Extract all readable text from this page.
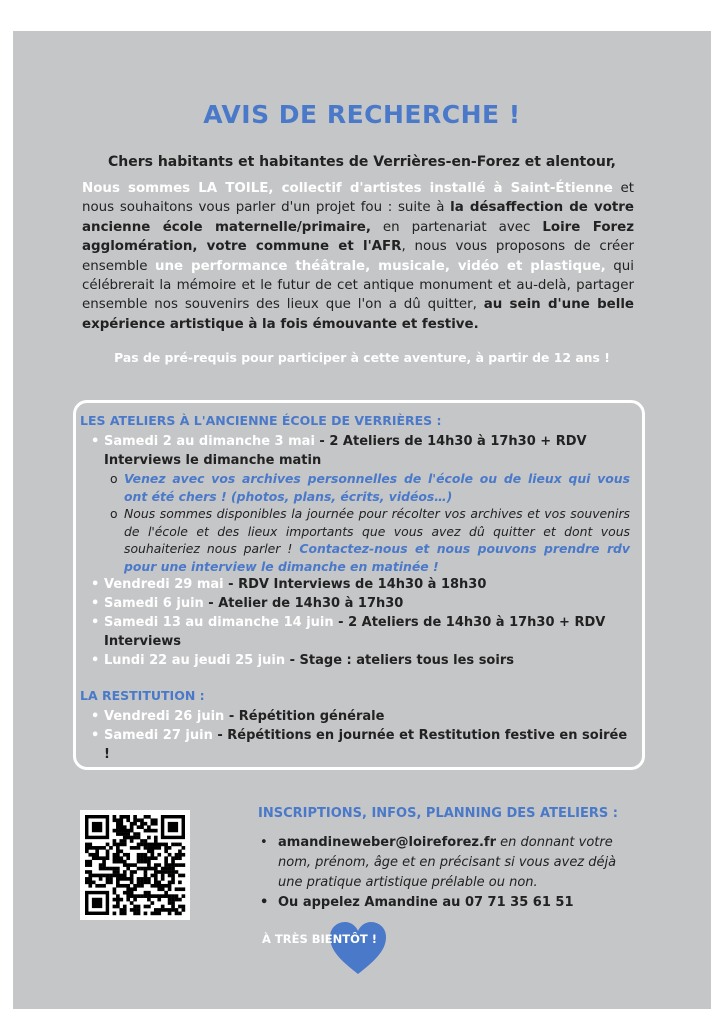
AVIS DE RECHERCHE !
Chers habitants et habitantes de Verrières-en-Forez et alentour,
Nous sommes LA TOILE, collectif d'artistes installé à Saint-Étienne et nous souhaitons vous parler d'un projet fou : suite à la désaffection de votre ancienne école maternelle/primaire, en partenariat avec Loire Forez agglomération, votre commune et l'AFR, nous vous proposons de créer ensemble une performance théâtrale, musicale, vidéo et plastique, qui célébrerait la mémoire et le futur de cet antique monument et au-delà, partager ensemble nos souvenirs des lieux que l'on a dû quitter, au sein d'une belle expérience artistique à la fois émouvante et festive.
Pas de pré-requis pour participer à cette aventure, à partir de 12 ans !
LES ATELIERS À L'ANCIENNE ÉCOLE DE VERRIÈRES :
• Samedi 2 au dimanche 3 mai - 2 Ateliers de 14h30 à 17h30 + RDV Interviews le dimanche matin
o Venez avec vos archives personnelles de l'école ou de lieux qui vous ont été chers ! (photos, plans, écrits, vidéos…)
o Nous sommes disponibles la journée pour récolter vos archives et vos souvenirs de l'école et des lieux importants que vous avez dû quitter et dont vous souhaiteriez nous parler ! Contactez-nous et nous pouvons prendre rdv pour une interview le dimanche en matinée !
• Vendredi 29 mai - RDV Interviews de 14h30 à 18h30
• Samedi 6 juin - Atelier de 14h30 à 17h30
• Samedi 13 au dimanche 14 juin - 2 Ateliers de 14h30 à 17h30 + RDV Interviews
• Lundi 22 au jeudi 25 juin - Stage : ateliers tous les soirs
LA RESTITUTION :
• Vendredi 26 juin - Répétition générale
• Samedi 27 juin - Répétitions en journée et Restitution festive en soirée !
INSCRIPTIONS, INFOS, PLANNING DES ATELIERS :
• amandineweber@loireforez.fr en donnant votre nom, prénom, âge et en précisant si vous avez déjà une pratique artistique prélable ou non.
• Ou appelez Amandine au 07 71 35 61 51
À TRÈS BIENTÔT !
